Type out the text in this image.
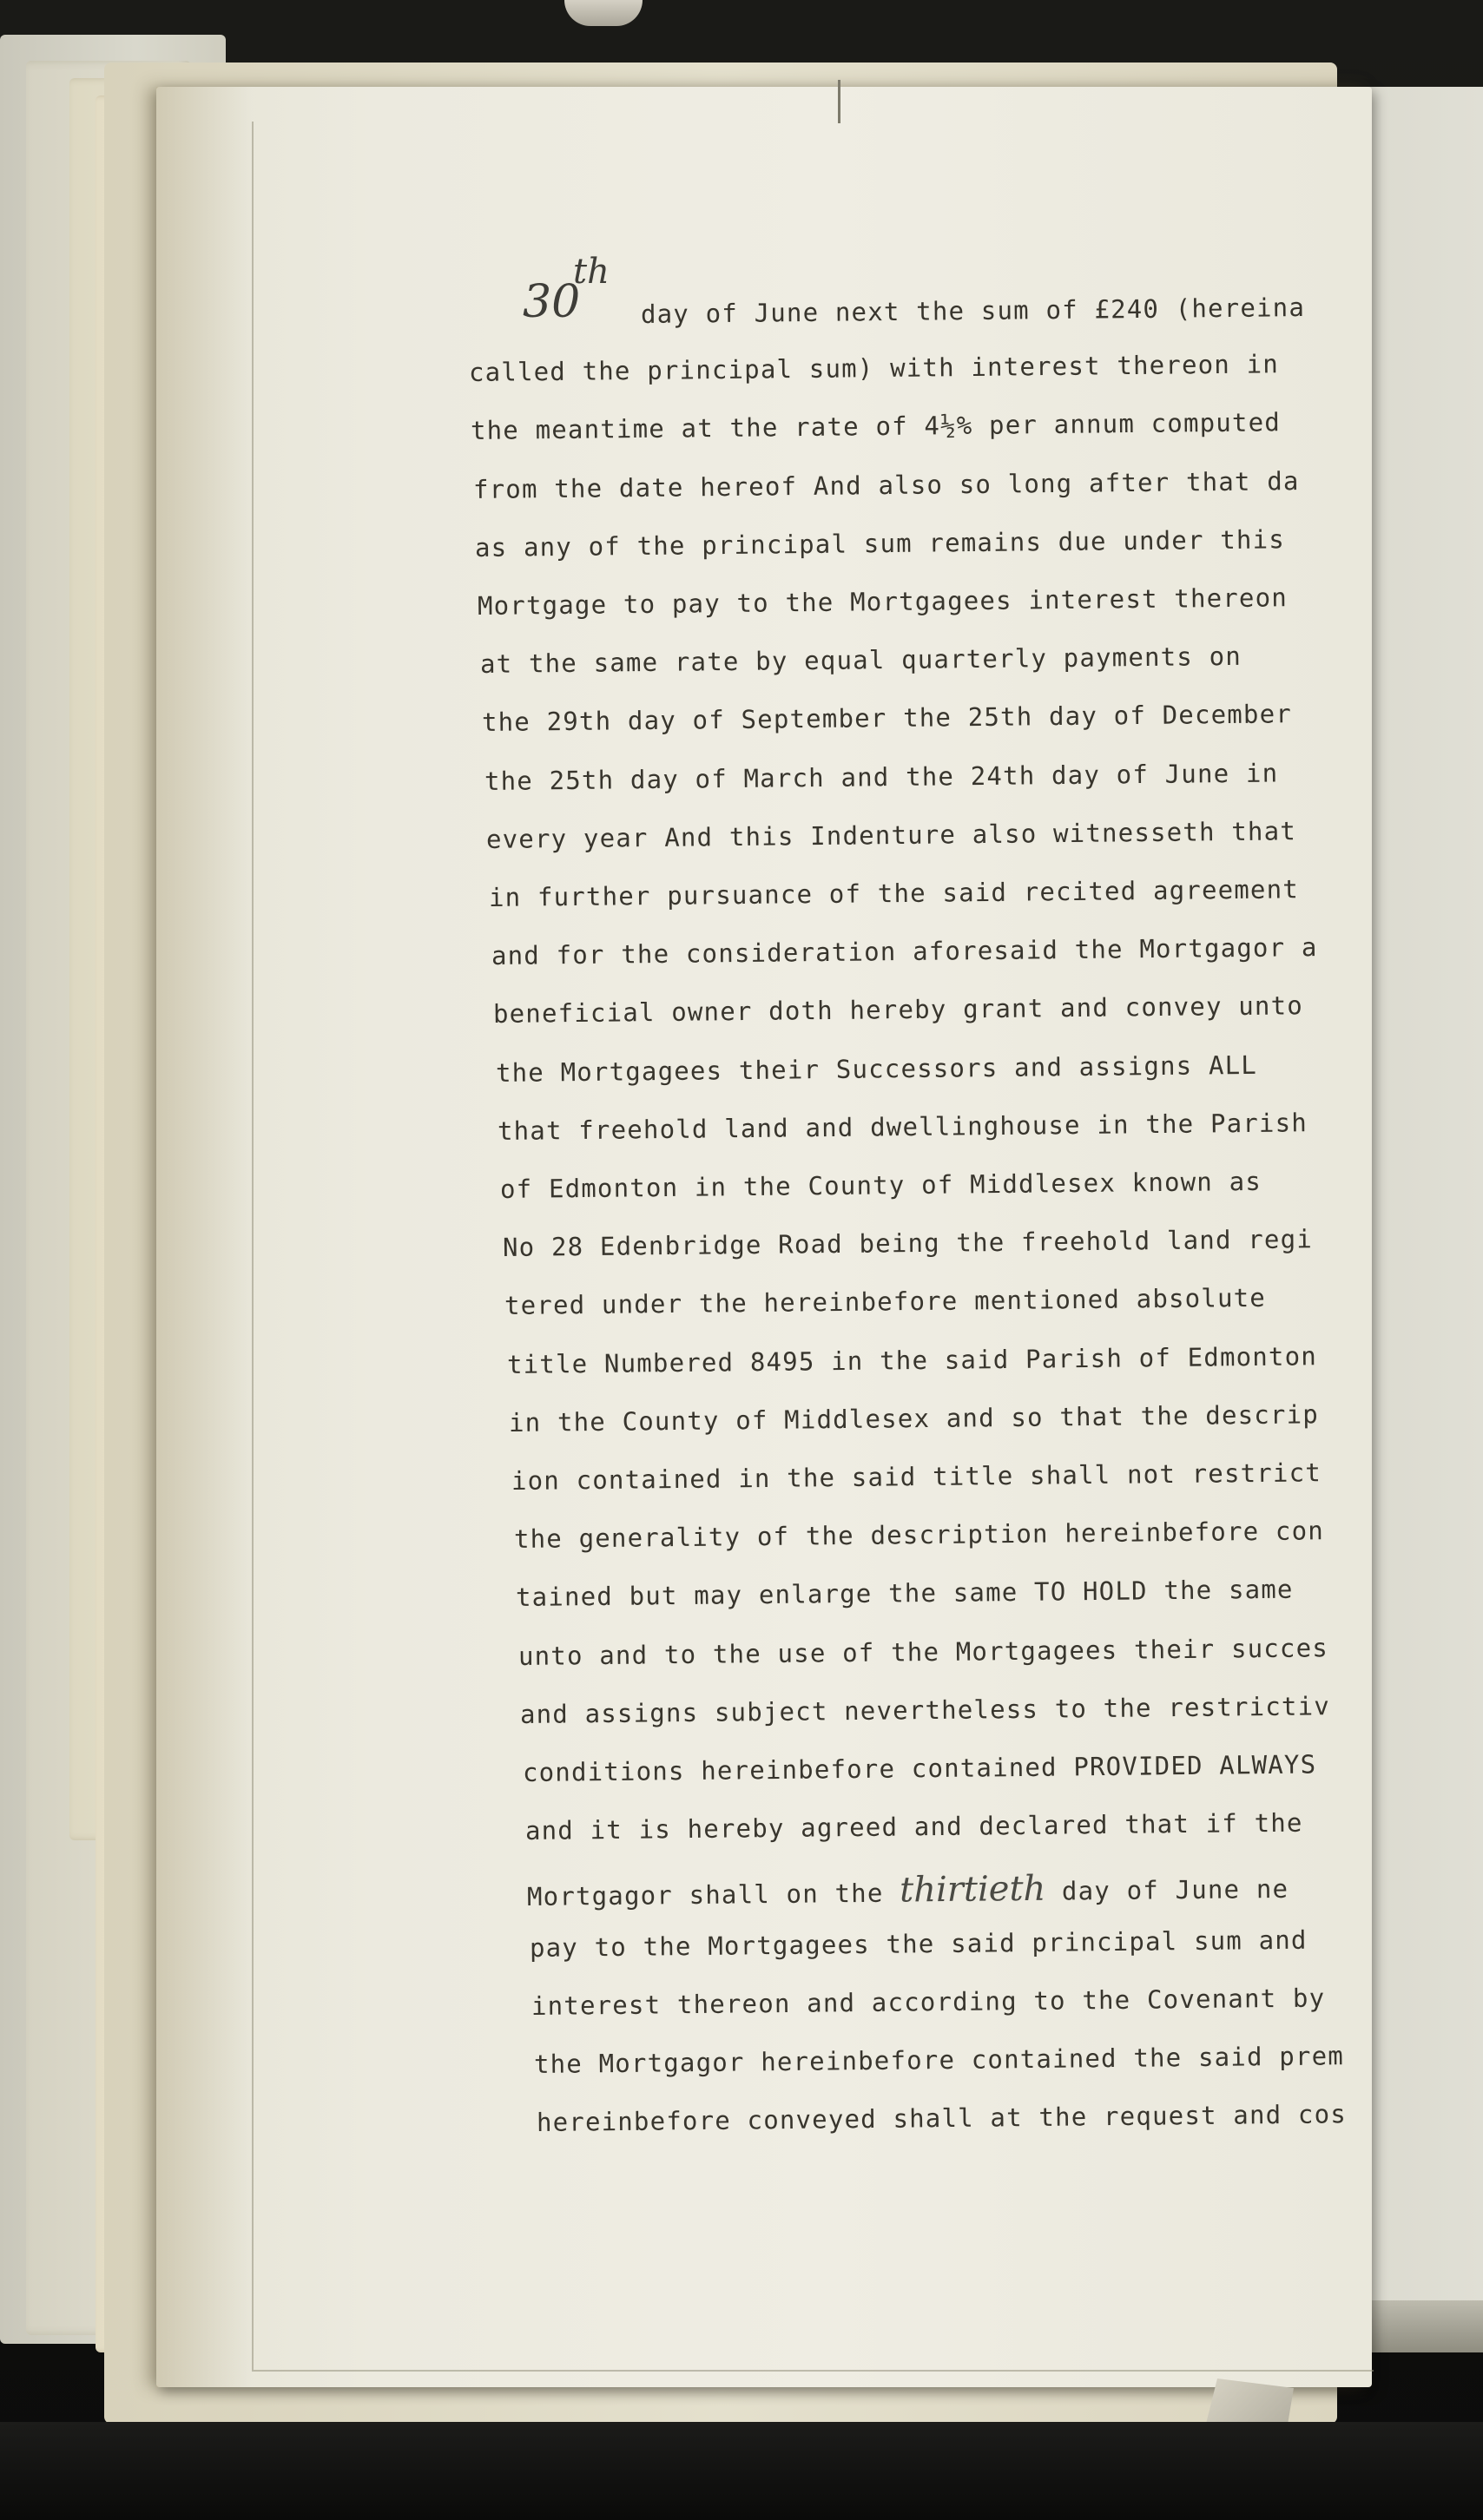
30
th

day of June next the sum of £240 (hereina

called the principal sum) with interest thereon in

the meantime at the rate of 4½% per annum computed

from the date hereof And also so long after that da

as any of the principal sum remains due under this

Mortgage to pay to the Mortgagees interest thereon

at the same rate by equal quarterly payments on

the 29th day of September the 25th day of December

the 25th day of March and the 24th day of June in

every year And this Indenture also witnesseth that

in further pursuance of the said recited agreement

and for the consideration aforesaid the Mortgagor a

beneficial owner doth hereby grant and convey unto

the Mortgagees their Successors and assigns ALL

that freehold land and dwellinghouse in the Parish

of Edmonton in the County of Middlesex known as

No 28 Edenbridge Road being the freehold land regi

tered under the hereinbefore mentioned absolute

title Numbered 8495 in the said Parish of Edmonton

in the County of Middlesex and so that the descrip

ion contained in the said title shall not restrict

the generality of the description hereinbefore con

tained but may enlarge the same TO HOLD the same

unto and to the use of the Mortgagees their succes

and assigns subject nevertheless to the restrictiv

conditions hereinbefore contained PROVIDED ALWAYS

and it is hereby agreed and declared that if the

Mortgagor shall on the thirtieth day of June ne

pay to the Mortgagees the said principal sum and

interest thereon and according to the Covenant by

the Mortgagor hereinbefore contained the said prem

hereinbefore conveyed shall at the request and cos
